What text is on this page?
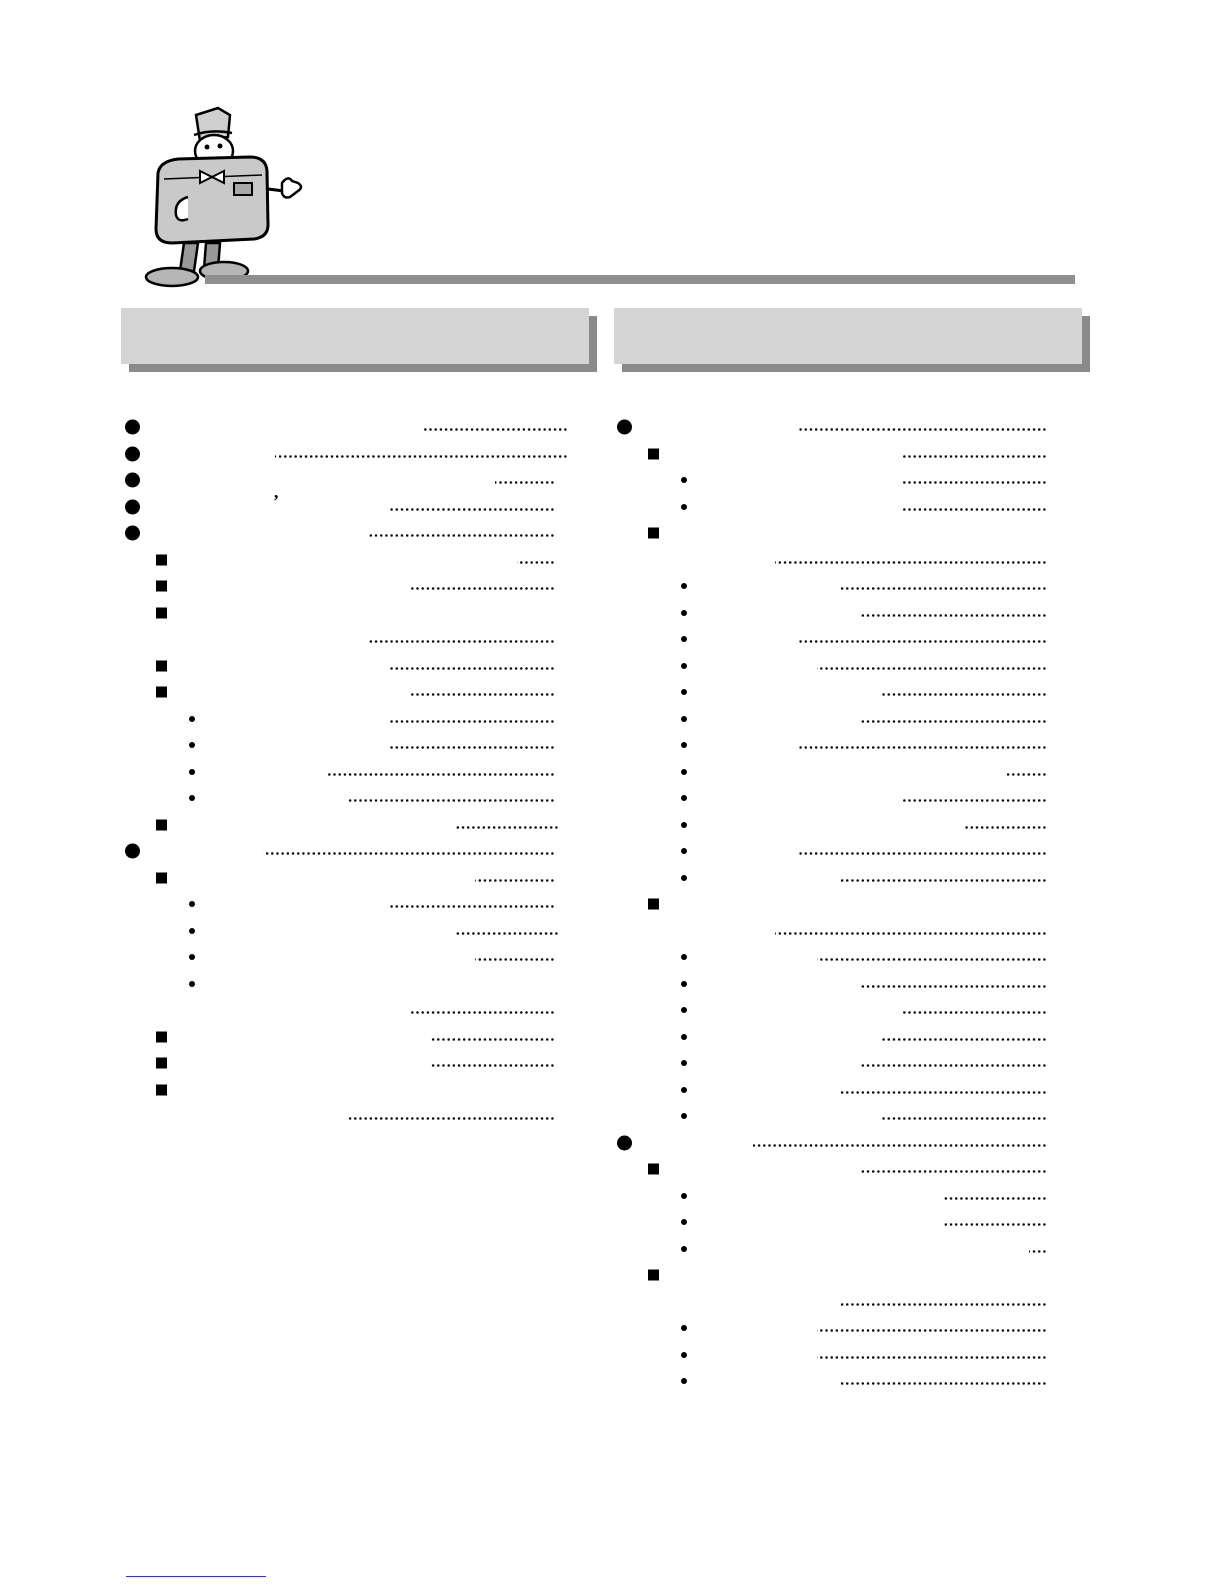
’
